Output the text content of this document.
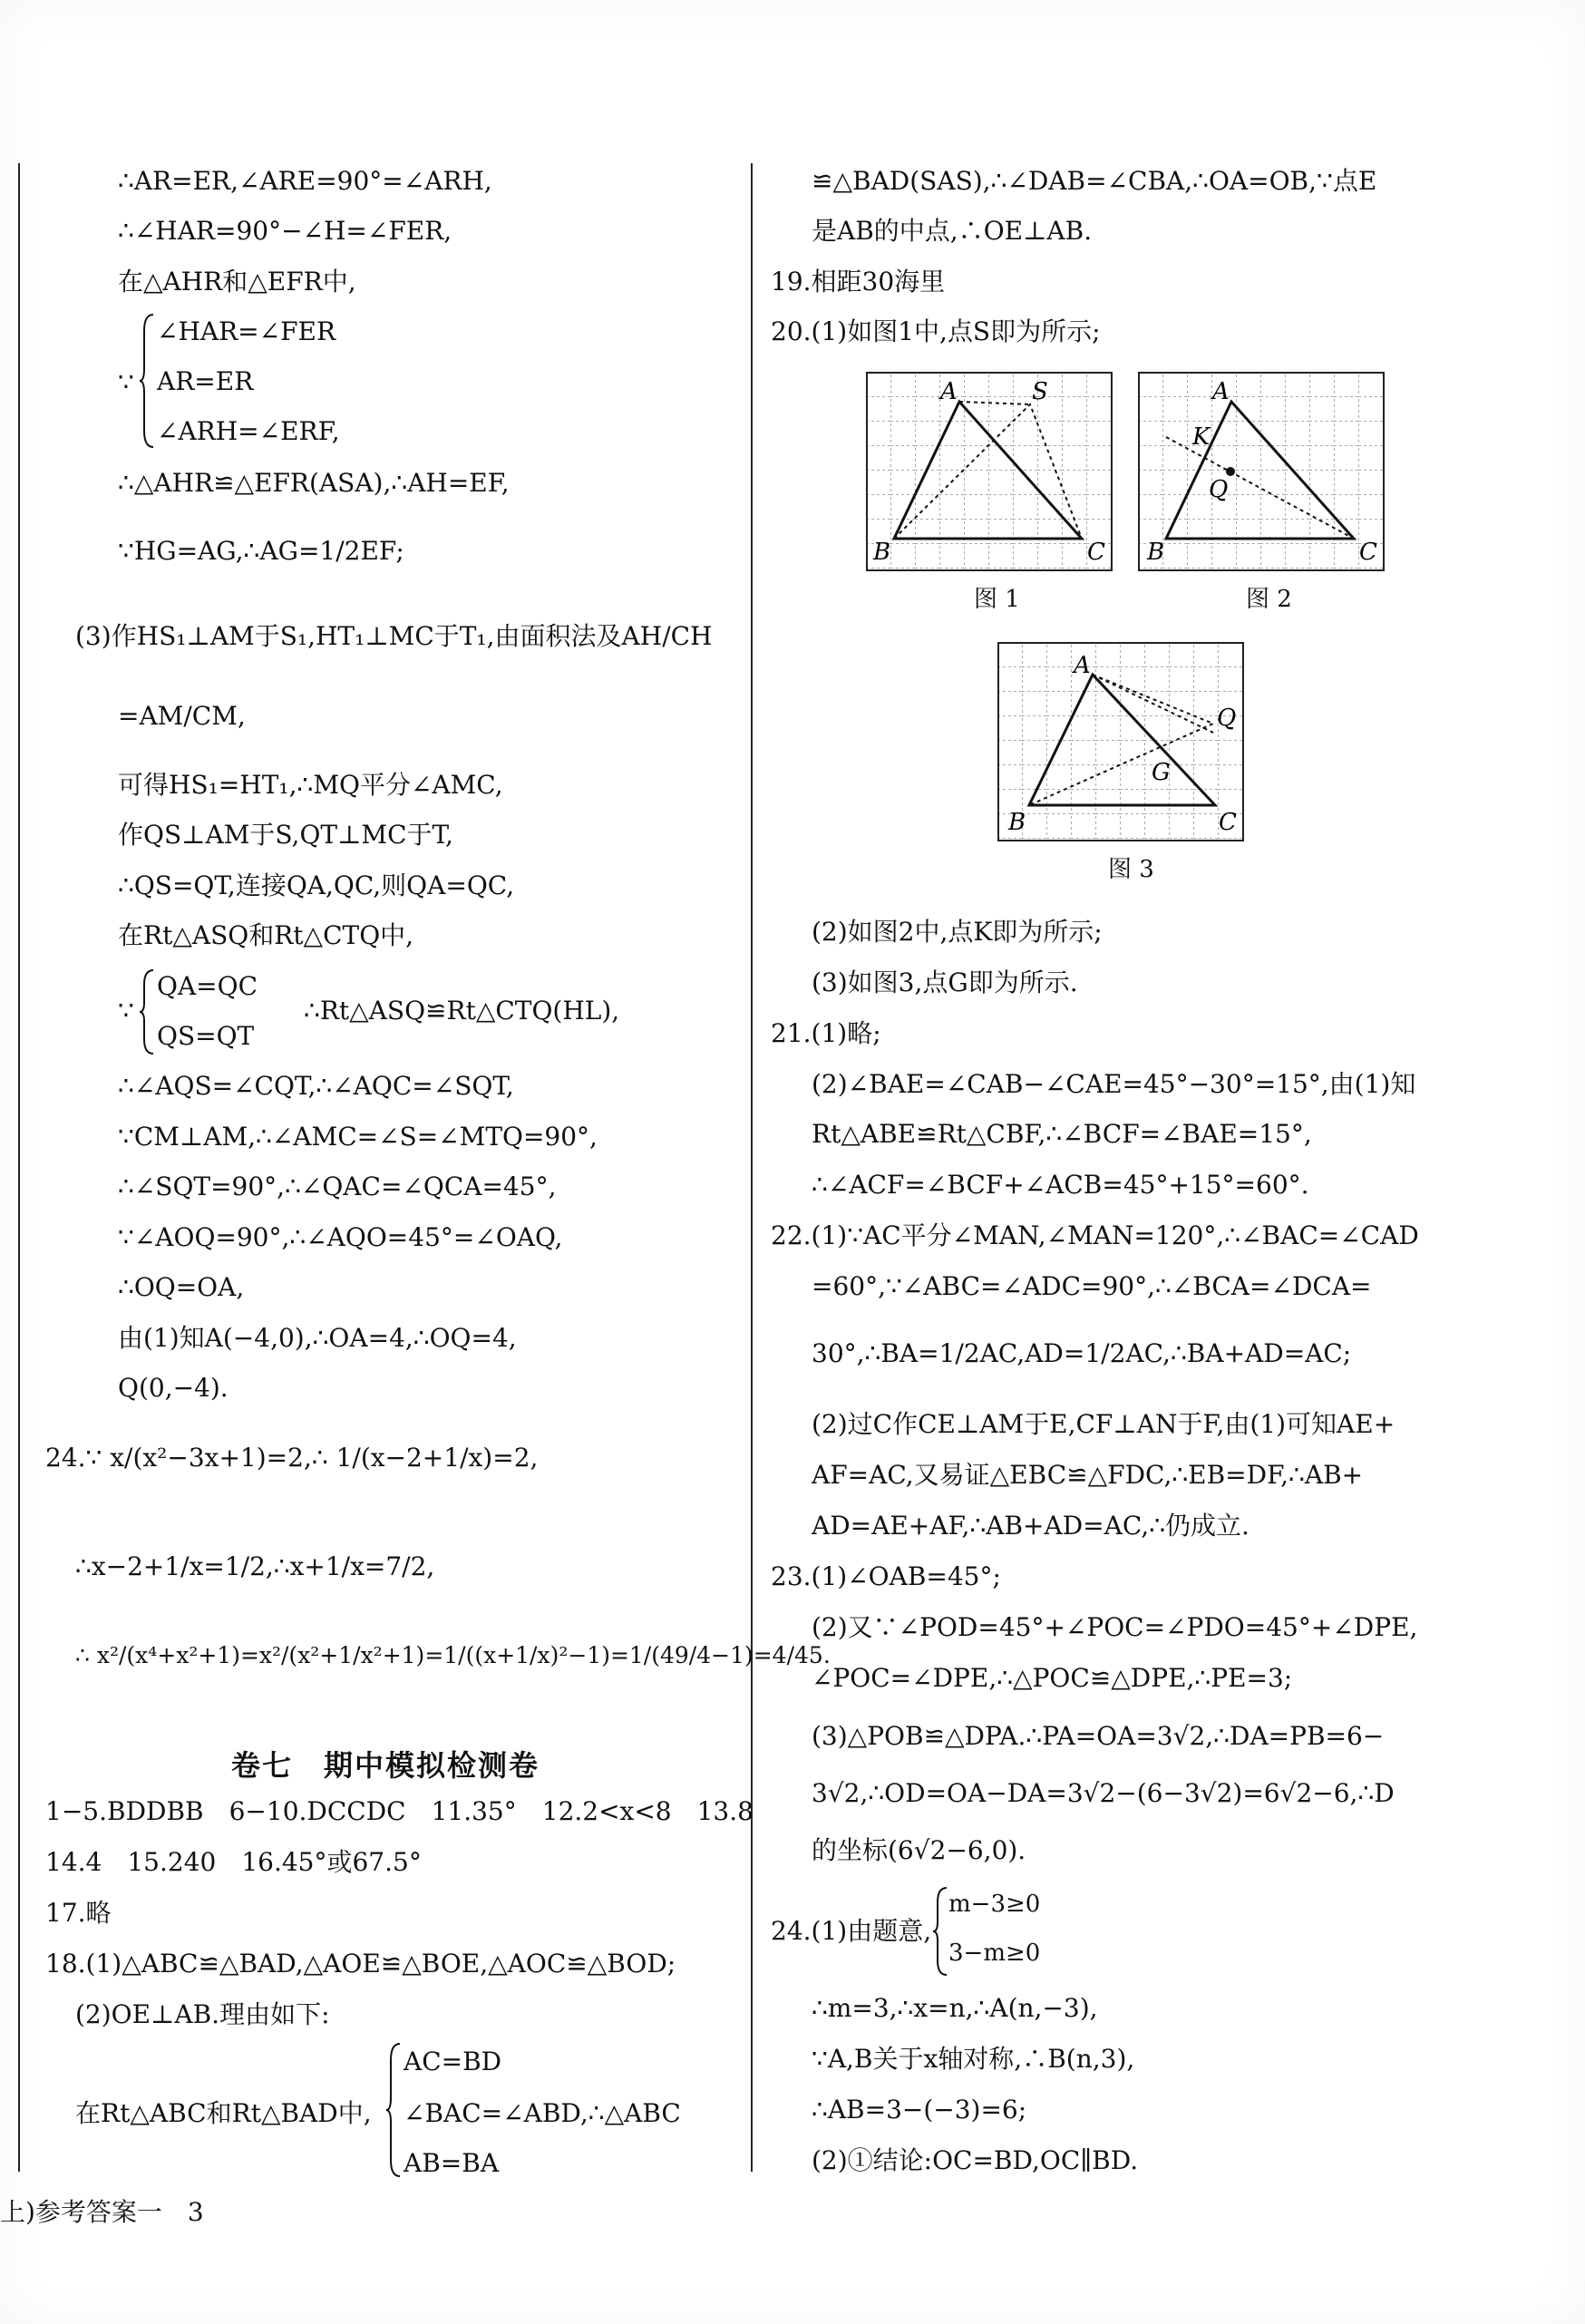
∴AR=ER,∠ARE=90°=∠ARH,
∴∠HAR=90°−∠H=∠FER,
在△AHR和△EFR中,
∵
∠HAR=∠FER
AR=ER
∠ARH=∠ERF,
∴△AHR≌△EFR(ASA),∴AH=EF,
∵HG=AG,∴AG=1/2EF;
(3)作HS₁⊥AM于S₁,HT₁⊥MC于T₁,由面积法及AH/CH
=AM/CM,
可得HS₁=HT₁,∴MQ平分∠AMC,
作QS⊥AM于S,QT⊥MC于T,
∴QS=QT,连接QA,QC,则QA=QC,
在Rt△ASQ和Rt△CTQ中,
∵
QA=QC
QS=QT
∴Rt△ASQ≌Rt△CTQ(HL),
∴∠AQS=∠CQT,∴∠AQC=∠SQT,
∵CM⊥AM,∴∠AMC=∠S=∠MTQ=90°,
∴∠SQT=90°,∴∠QAC=∠QCA=45°,
∵∠AOQ=90°,∴∠AQO=45°=∠OAQ,
∴OQ=OA,
由(1)知A(−4,0),∴OA=4,∴OQ=4,
Q(0,−4).
24.∵ x/(x²−3x+1)=2,∴ 1/(x−2+1/x)=2,
∴x−2+1/x=1/2,∴x+1/x=7/2,
∴ x²/(x⁴+x²+1)=x²/(x²+1/x²+1)=1/((x+1/x)²−1)=1/(49/4−1)=4/45.
卷七　期中模拟检测卷
1−5.BDDBB　6−10.DCCDC　11.35°　12.2<x<8　13.8
14.4　15.240　16.45°或67.5°
17.略
18.(1)△ABC≌△BAD,△AOE≌△BOE,△AOC≌△BOD;
(2)OE⊥AB.理由如下:
在Rt△ABC和Rt△BAD中,
AC=BD
∠BAC=∠ABD,∴△ABC
AB=BA
上)参考答案一　3
≌△BAD(SAS),∴∠DAB=∠CBA,∴OA=OB,∵点E
是AB的中点,∴OE⊥AB.
19.相距30海里
20.(1)如图1中,点S即为所示;
A	S
B	C
图 1
A
K
Q
B	C
图 2
A
Q
G
B	C
图 3
(2)如图2中,点K即为所示;
(3)如图3,点G即为所示.
21.(1)略;
(2)∠BAE=∠CAB−∠CAE=45°−30°=15°,由(1)知
Rt△ABE≌Rt△CBF,∴∠BCF=∠BAE=15°,
∴∠ACF=∠BCF+∠ACB=45°+15°=60°.
22.(1)∵AC平分∠MAN,∠MAN=120°,∴∠BAC=∠CAD
=60°,∵∠ABC=∠ADC=90°,∴∠BCA=∠DCA=
30°,∴BA=1/2AC,AD=1/2AC,∴BA+AD=AC;
(2)过C作CE⊥AM于E,CF⊥AN于F,由(1)可知AE+
AF=AC,又易证△EBC≌△FDC,∴EB=DF,∴AB+
AD=AE+AF,∴AB+AD=AC,∴仍成立.
23.(1)∠OAB=45°;
(2)又∵∠POD=45°+∠POC=∠PDO=45°+∠DPE,
∠POC=∠DPE,∴△POC≌△DPE,∴PE=3;
(3)△POB≌△DPA.∴PA=OA=3√2,∴DA=PB=6−
3√2,∴OD=OA−DA=3√2−(6−3√2)=6√2−6,∴D
的坐标(6√2−6,0).
24.(1)由题意,
m−3≥0
3−m≥0
∴m=3,∴x=n,∴A(n,−3),
∵A,B关于x轴对称,∴B(n,3),
∴AB=3−(−3)=6;
(2)①结论:OC=BD,OC∥BD.
